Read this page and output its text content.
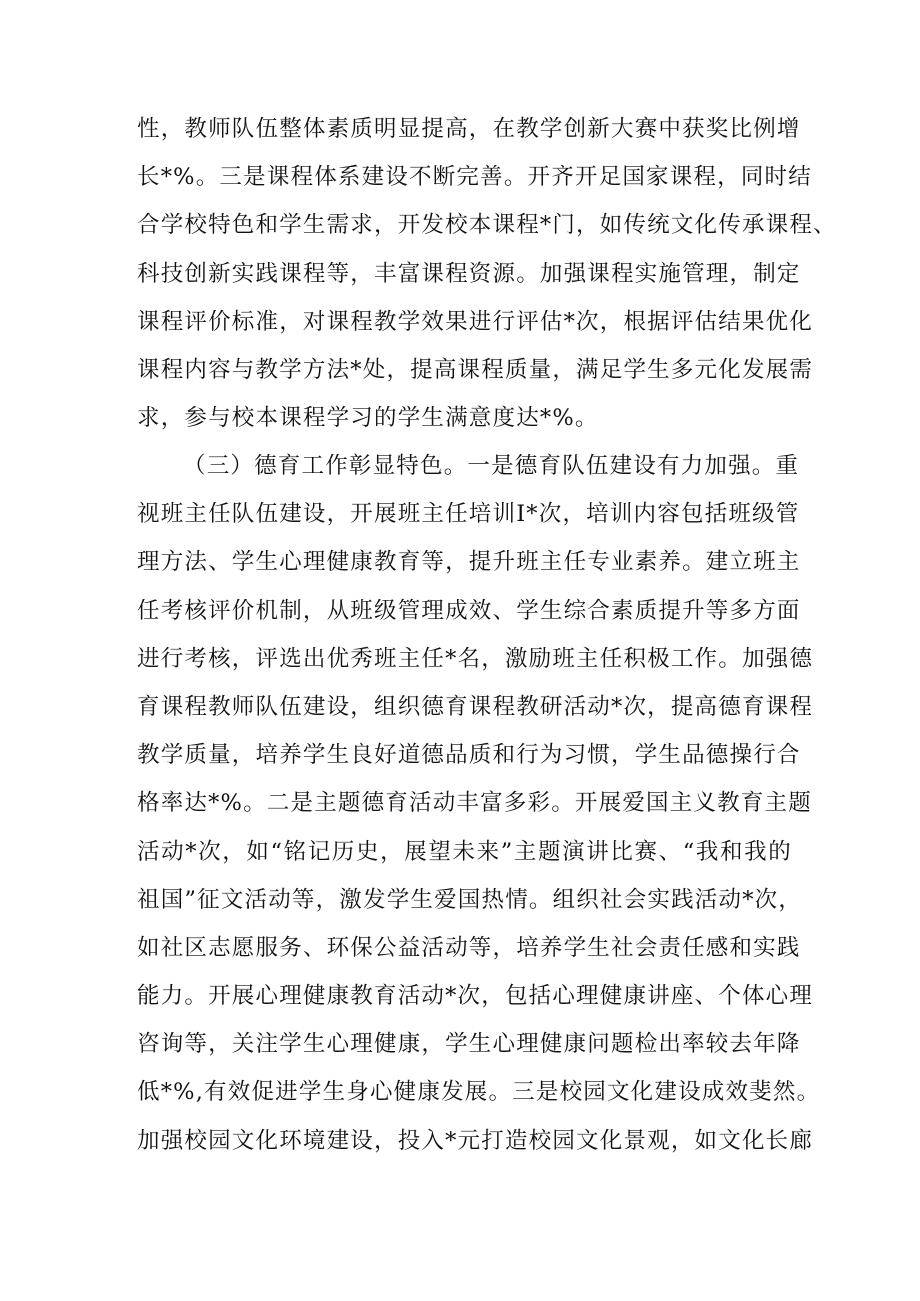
性，教师队伍整体素质明显提高，在教学创新大赛中获奖比例增
长*%。三是课程体系建设不断完善。开齐开足国家课程，同时结
合学校特色和学生需求，开发校本课程*门，如传统文化传承课程、
科技创新实践课程等，丰富课程资源。加强课程实施管理，制定
课程评价标准，对课程教学效果进行评估*次，根据评估结果优化
课程内容与教学方法*处，提高课程质量，满足学生多元化发展需
求，参与校本课程学习的学生满意度达*%。
（三）德育工作彰显特色。一是德育队伍建设有力加强。重
视班主任队伍建设，开展班主任培训I*次，培训内容包括班级管
理方法、学生心理健康教育等，提升班主任专业素养。建立班主
任考核评价机制，从班级管理成效、学生综合素质提升等多方面
进行考核，评选出优秀班主任*名，激励班主任积极工作。加强德
育课程教师队伍建设，组织德育课程教研活动*次，提高德育课程
教学质量，培养学生良好道德品质和行为习惯，学生品德操行合
格率达*%。二是主题德育活动丰富多彩。开展爱国主义教育主题
活动*次，如“铭记历史，展望未来”主题演讲比赛、“我和我的
祖国”征文活动等，激发学生爱国热情。组织社会实践活动*次，
如社区志愿服务、环保公益活动等，培养学生社会责任感和实践
能力。开展心理健康教育活动*次，包括心理健康讲座、个体心理
咨询等，关注学生心理健康，学生心理健康问题检出率较去年降
低*%,有效促进学生身心健康发展。三是校园文化建设成效斐然。
加强校园文化环境建设，投入*元打造校园文化景观，如文化长廊
